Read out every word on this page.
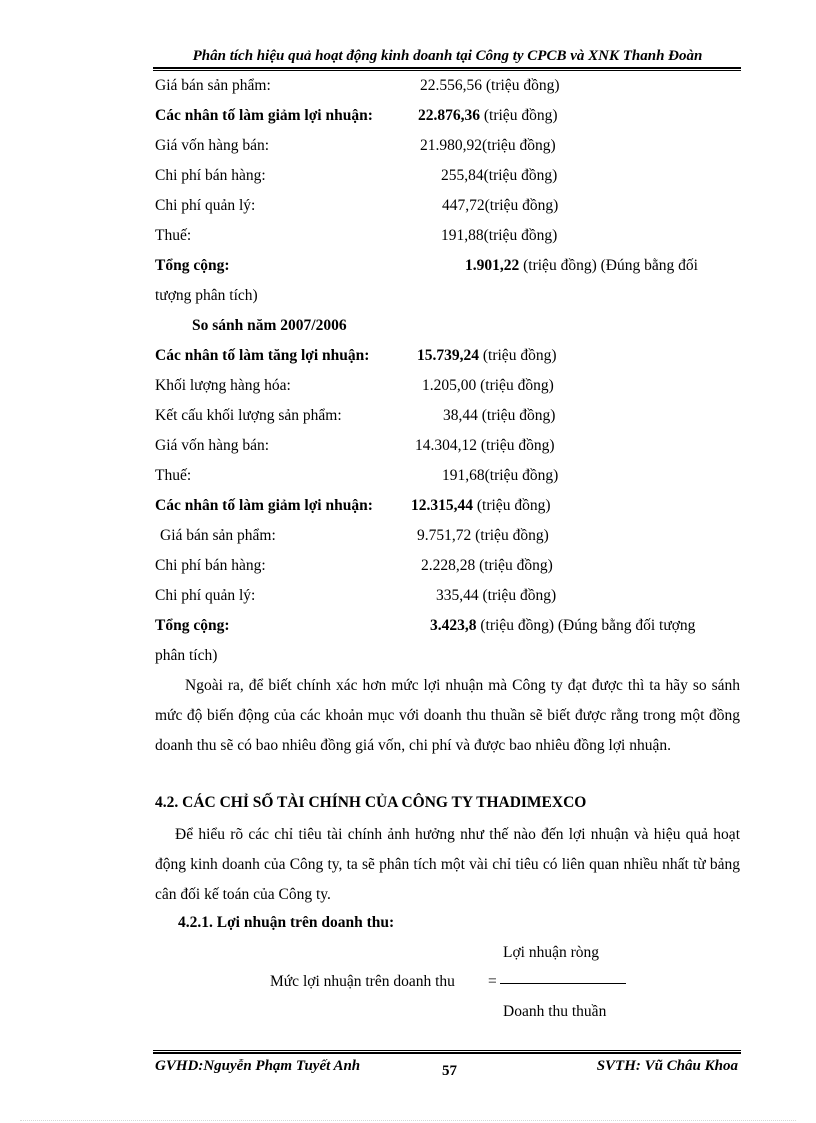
Phân tích hiệu quả hoạt động kinh doanh tại Công ty CPCB và XNK Thanh Đoàn
Giá bán sản phẩm:	22.556,56 (triệu đồng)
Các nhân tố làm giảm lợi nhuận:	22.876,36 (triệu đồng)
Giá vốn hàng bán:	21.980,92(triệu đồng)
Chi phí bán hàng:	255,84(triệu đồng)
Chi phí quản lý:	447,72(triệu đồng)
Thuế:	191,88(triệu đồng)
Tổng cộng:	1.901,22 (triệu đồng) (Đúng bằng đối
tượng phân tích)
So sánh năm 2007/2006
Các nhân tố làm tăng lợi nhuận:	15.739,24 (triệu đồng)
Khối lượng hàng hóa:	1.205,00 (triệu đồng)
Kết cấu khối lượng sản phẩm:	38,44 (triệu đồng)
Giá vốn hàng bán:	14.304,12 (triệu đồng)
Thuế:	191,68(triệu đồng)
Các nhân tố làm giảm lợi nhuận: 12.315,44 (triệu đồng)
Giá bán sản phẩm:	9.751,72 (triệu đồng)
Chi phí bán hàng:	2.228,28 (triệu đồng)
Chi phí quản lý:	335,44 (triệu đồng)
Tổng cộng:	3.423,8 (triệu đồng) (Đúng bằng đối tượng
phân tích)

Ngoài ra, để biết chính xác hơn mức lợi nhuận mà Công ty đạt được thì ta hãy so sánh mức độ biến động của các khoản mục với doanh thu thuần sẽ biết được rằng trong một đồng doanh thu sẽ có bao nhiêu đồng giá vốn, chi phí và được bao nhiêu đồng lợi nhuận.

4.2. CÁC CHỈ SỐ TÀI CHÍNH CỦA CÔNG TY THADIMEXCO

Để hiểu rõ các chỉ tiêu tài chính ảnh hưởng như thế nào đến lợi nhuận và hiệu quả hoạt động kinh doanh của Công ty, ta sẽ phân tích một vài chỉ tiêu có liên quan nhiều nhất từ bảng cân đối kế toán của Công ty.

4.2.1. Lợi nhuận trên doanh thu:
Lợi nhuận ròng
Mức lợi nhuận trên doanh thu =
Doanh thu thuần
GVHD:Nguyễn Phạm Tuyết Anh	57	SVTH: Vũ Châu Khoa
